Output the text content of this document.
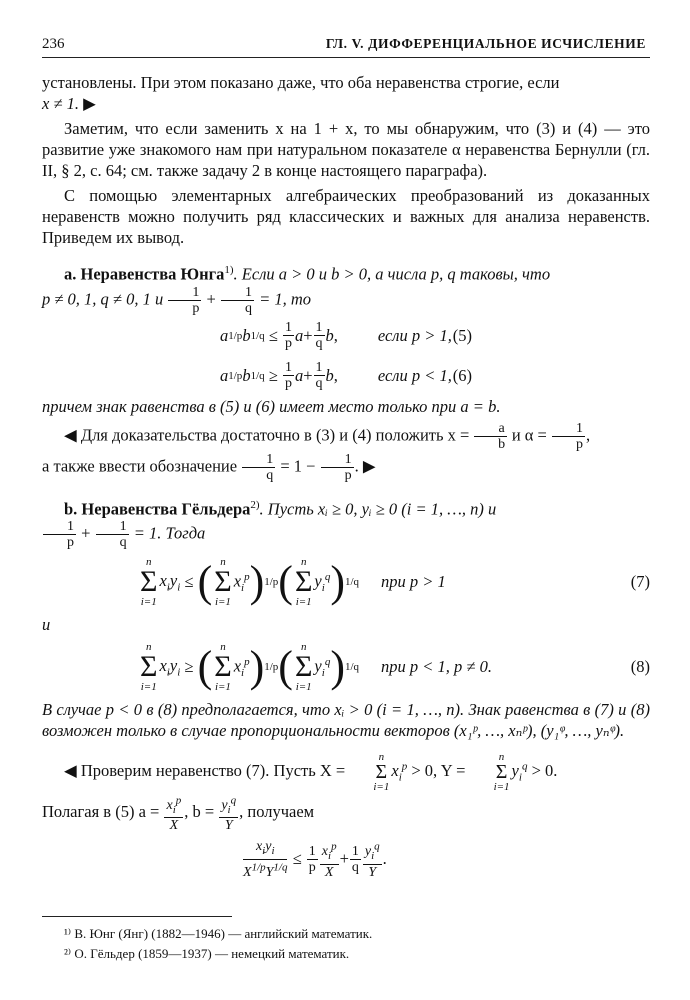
236	ГЛ. V. ДИФФЕРЕНЦИАЛЬНОЕ ИСЧИСЛЕНИЕ

установлены. При этом показано даже, что оба неравенства строгие, если
x ≠ 1. ▶

Заметим, что если заменить x на 1 + x, то мы обнаружим, что (3) и (4) — это развитие уже знакомого нам при натуральном показателе α неравенства Бернулли (гл. II, § 2, с. 64; см. также задачу 2 в конце настоящего параграфа).

С помощью элементарных алгебраических преобразований из доказанных неравенств можно получить ряд классических и важных для анализа неравенств. Приведем их вывод.

a. Неравенства Юнга$^{1)}$. Если a > 0 и b > 0, а числа p, q таковы, что
p ≠ 0, 1, q ≠ 0, 1 и $\frac{1}{p} + \frac{1}{q} = 1$, то

a 1/p b 1/q
≤
$\frac{1}{p}$ $a + \frac{1}{q}$ b , если p > 1, (5)
a 1/p b 1/q
≥
$\frac{1}{p}$ $a + \frac{1}{q}$ b , если p < 1, (6)

причем знак равенства в (5) и (6) имеет место только при a = b.

◀ Для доказательства достаточно в (3) и (4) положить $x = \frac{a}{b}$ и $\alpha = \frac{1}{p}$ ,
а также ввести обозначение $\frac{1}{q} = 1 - \frac{1}{p}$ . ▶

b. Неравенства Гёльдера$^{2)}$. Пусть xᵢ ≥ 0, yᵢ ≥ 0 (i = 1, …, n) и

$\frac{1}{p} + \frac{1}{q} = 1$. Тогда

n
Σ
i=1
$x_iy_i$ ≤ ( n
Σ
i=1
$x_i^p$ ) 1/p ( n
Σ
i=1
$y_i^q$ ) 1/q при p > 1	(7)

и

n
Σ
i=1
$x_iy_i$ ≥ ( n
Σ
i=1
$x_i^p$ ) 1/p ( n
Σ
i=1
$y_i^q$ ) 1/q при p < 1, p ≠ 0.	(8)

В случае p < 0 в (8) предполагается, что xᵢ > 0 (i = 1, …, n). Знак равенства в (7) и (8) возможен только в случае пропорциональности векторов (x₁ᵖ, …, xₙᵖ), (y₁ᵠ, …, yₙᵠ).

◀ Проверим неравенство (7). Пусть X =
n
Σ
i=1
$x_i^p > 0$, Y =
n
Σ
i=1
$y_i^q > 0$.

Полагая в (5) $a = \frac{x_i^p}{X}$ , $b = \frac{y_i^q}{Y}$ , получаем

$\frac{x_iy_i}{X^{1/p}Y^{1/q}} \le \frac{1}{p} \frac{x_i^p}{X} + \frac{1}{q} \frac{y_i^q}{Y}$ .
¹⁾ В. Юнг (Янг) (1882—1946) — английский математик.
²⁾ О. Гёльдер (1859—1937) — немецкий математик.
